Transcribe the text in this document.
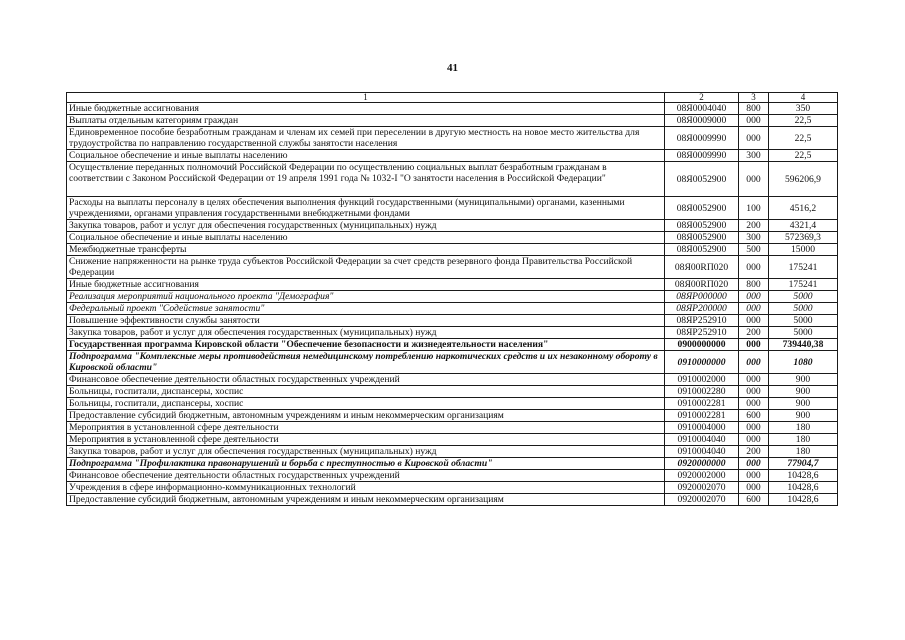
41
1	2	3	4
Иные бюджетные ассигнования	08Я0004040	800	350
Выплаты отдельным категориям граждан	08Я0009000	000	22,5
Единовременное пособие безработным гражданам и членам их семей при переселении в другую местность на новое место жительства для трудоустройства по направлению государственной службы занятости населения	08Я0009990	000	22,5
Социальное обеспечение и иные выплаты населению	08Я0009990	300	22,5
Осуществление переданных полномочий Российской Федерации по осуществлению социальных выплат безработным гражданам в соответствии с Законом Российской Федерации от 19 апреля 1991 года № 1032-I "О занятости населения в Российской Федерации"	08Я0052900	000	596206,9
Расходы на выплаты персоналу в целях обеспечения выполнения функций государственными (муниципальными) органами, казенными учреждениями, органами управления государственными внебюджетными фондами	08Я0052900	100	4516,2
Закупка товаров, работ и услуг для обеспечения государственных (муниципальных) нужд	08Я0052900	200	4321,4
Социальное обеспечение и иные выплаты населению	08Я0052900	300	572369,3
Межбюджетные трансферты	08Я0052900	500	15000
Снижение напряженности на рынке труда субъектов Российской Федерации за счет средств резервного фонда Правительства Российской Федерации	08Я00RП020	000	175241
Иные бюджетные ассигнования	08Я00RП020	800	175241
Реализация мероприятий национального проекта "Демография"	08ЯР000000	000	5000
Федеральный проект "Содействие занятости"	08ЯР200000	000	5000
Повышение эффективности службы занятости	08ЯР252910	000	5000
Закупка товаров, работ и услуг для обеспечения государственных (муниципальных) нужд	08ЯР252910	200	5000
Государственная программа Кировской области "Обеспечение безопасности и жизнедеятельности населения"	0900000000	000	739440,38
Подпрограмма "Комплексные меры противодействия немедицинскому потреблению наркотических средств и их незаконному обороту в Кировской области"	0910000000	000	1080
Финансовое обеспечение деятельности областных государственных учреждений	0910002000	000	900
Больницы, госпитали, диспансеры, хоспис	0910002280	000	900
Больницы, госпитали, диспансеры, хоспис	0910002281	000	900
Предоставление субсидий бюджетным, автономным учреждениям и иным некоммерческим организациям	0910002281	600	900
Мероприятия в установленной сфере деятельности	0910004000	000	180
Мероприятия в установленной сфере деятельности	0910004040	000	180
Закупка товаров, работ и услуг для обеспечения государственных (муниципальных) нужд	0910004040	200	180
Подпрограмма "Профилактика правонарушений и борьба с преступностью в Кировской области"	0920000000	000	77904,7
Финансовое обеспечение деятельности областных государственных учреждений	0920002000	000	10428,6
Учреждения в сфере информационно-коммуникационных технологий	0920002070	000	10428,6
Предоставление субсидий бюджетным, автономным учреждениям и иным некоммерческим организациям	0920002070	600	10428,6
